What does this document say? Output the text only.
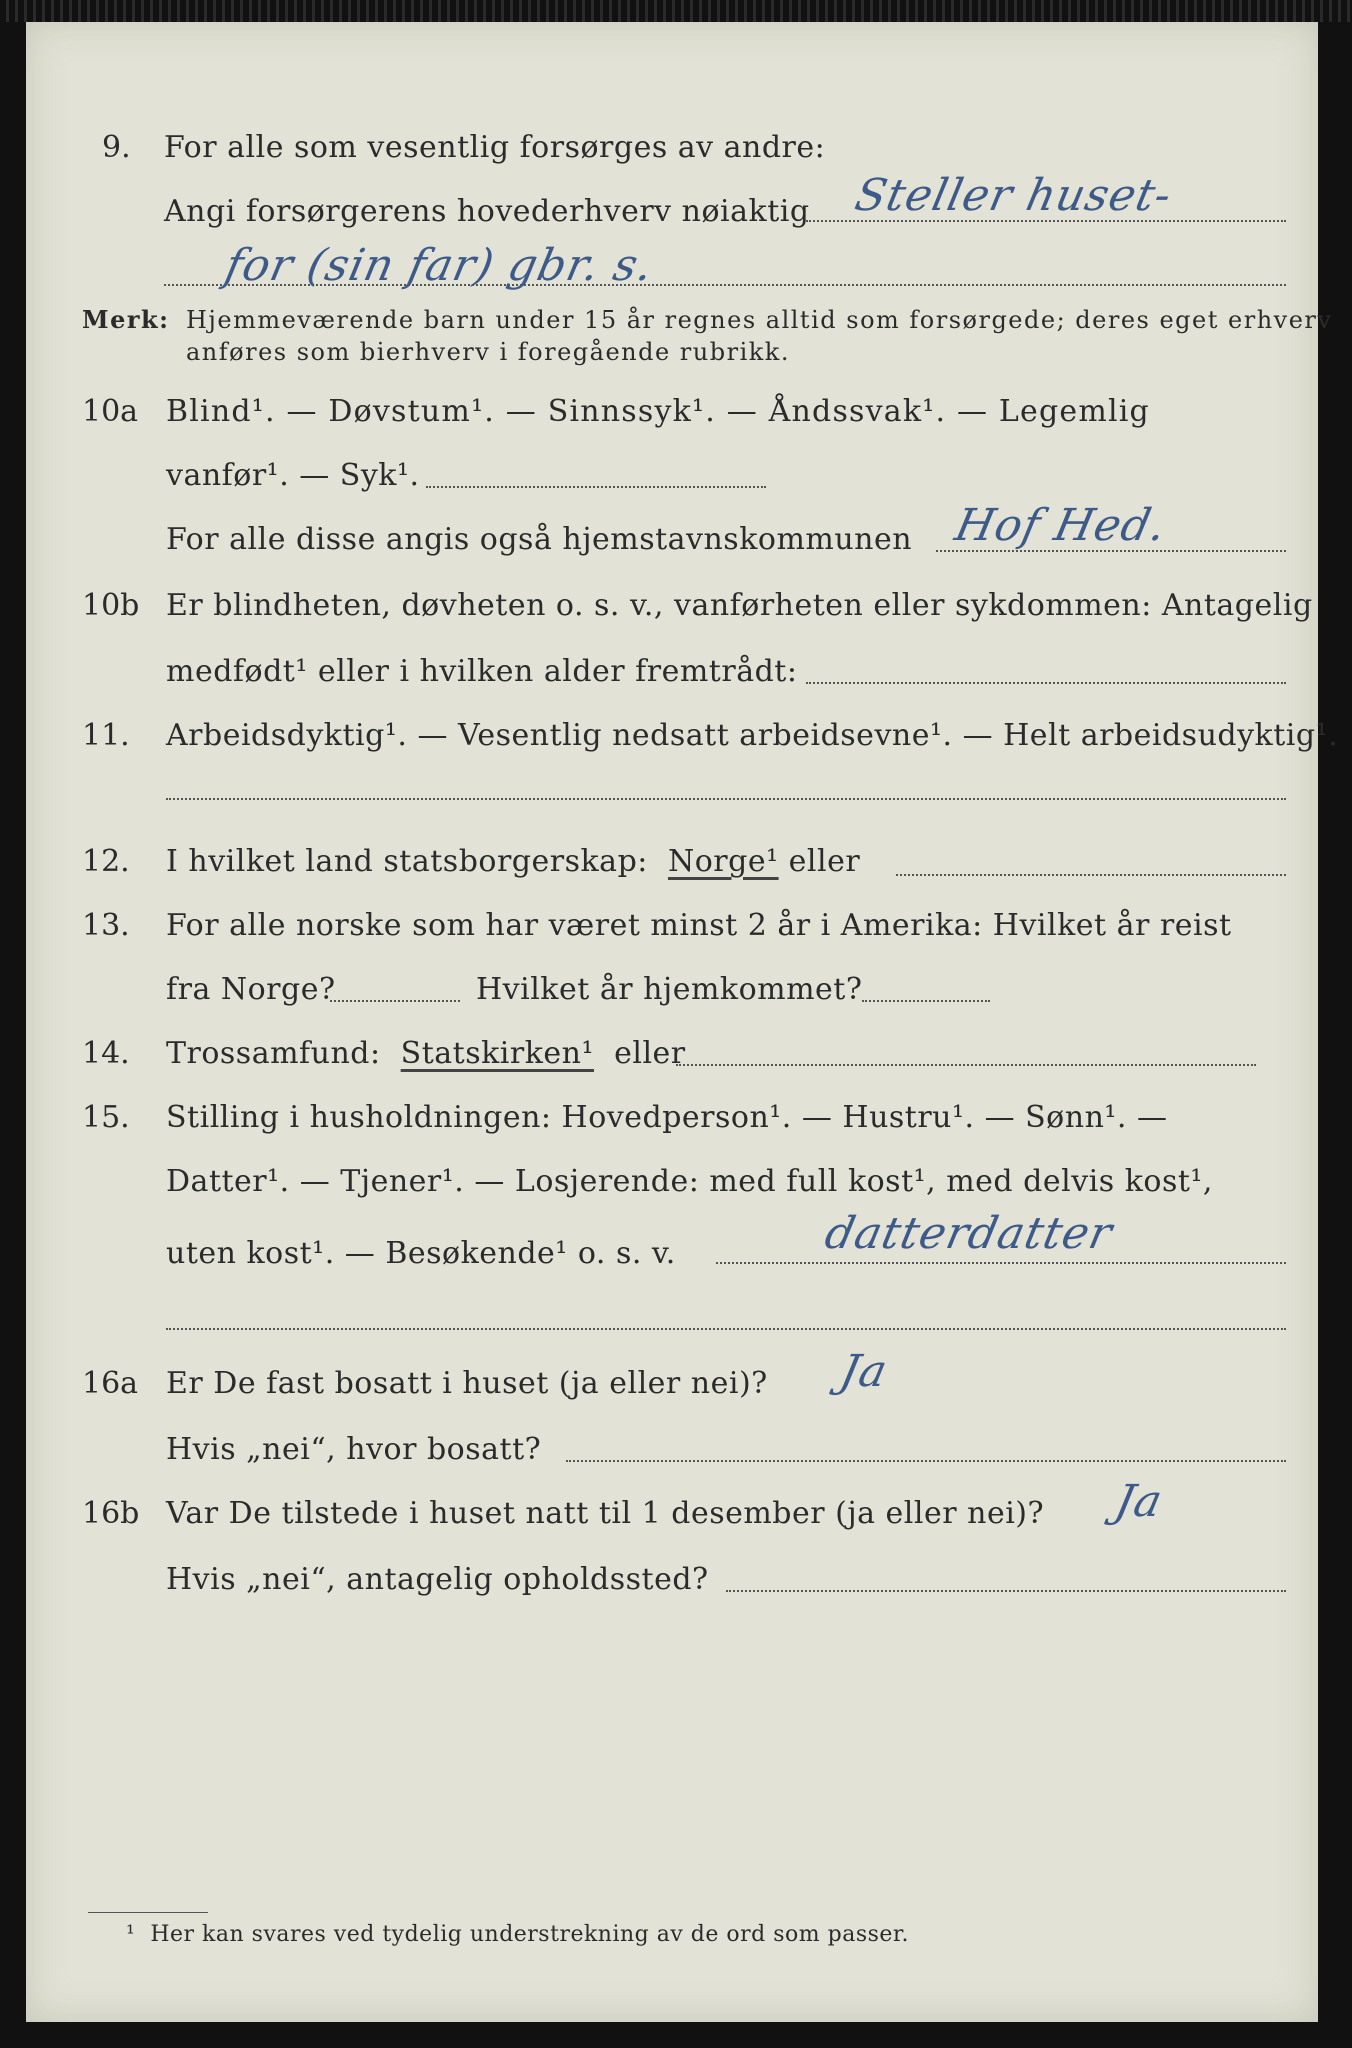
9. For alle som vesentlig forsørges av andre:
Angi forsørgerens hovederhverv nøiaktig Steller huset-
for (sin far) gbr. s.
Merk: Hjemmeværende barn under 15 år regnes alltid som forsørgede; deres eget erhverv
anføres som bierhverv i foregående rubrikk.
10a Blind¹. — Døvstum¹. — Sinnssyk¹. — Åndssvak¹. — Legemlig
vanfør¹. — Syk¹.
For alle disse angis også hjemstavnskommunen Hof Hed.
10b Er blindheten, døvheten o. s. v., vanførheten eller sykdommen: Antagelig
medfødt¹ eller i hvilken alder fremtrådt:
11. Arbeidsdyktig¹. — Vesentlig nedsatt arbeidsevne¹. — Helt arbeidsudyktig¹.
12. I hvilket land statsborgerskap: Norge¹ eller
13. For alle norske som har været minst 2 år i Amerika: Hvilket år reist
fra Norge?	Hvilket år hjemkommet?
14. Trossamfund: Statskirken¹ eller
15. Stilling i husholdningen: Hovedperson¹. — Hustru¹. — Sønn¹. —
Datter¹. — Tjener¹. — Losjerende: med full kost¹, med delvis kost¹,
uten kost¹. — Besøkende¹ o. s. v.	datterdatter
16a Er De fast bosatt i huset (ja eller nei)? Ja
Hvis „nei“, hvor bosatt?
16b Var De tilstede i huset natt til 1 desember (ja eller nei)? Ja
Hvis „nei“, antagelig opholdssted?
¹ Her kan svares ved tydelig understrekning av de ord som passer.
